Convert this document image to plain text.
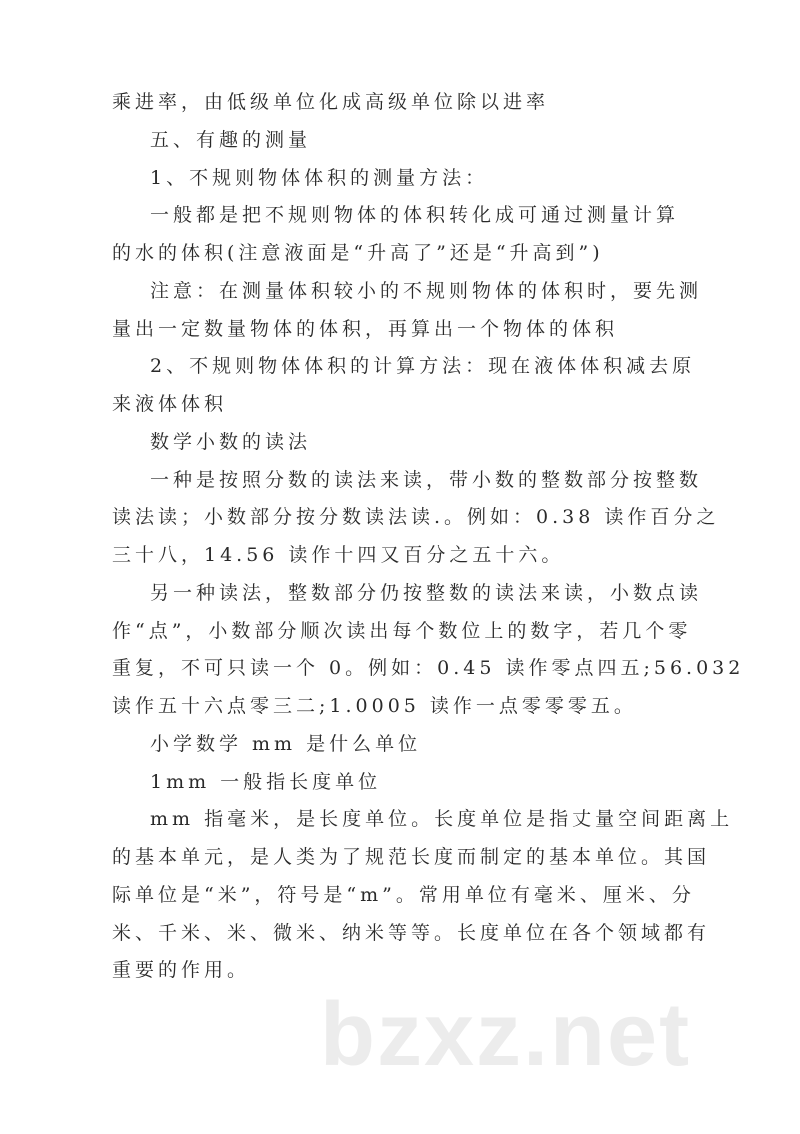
乘进率，由低级单位化成高级单位除以进率
五、有趣的测量
1、不规则物体体积的测量方法：
一般都是把不规则物体的体积转化成可通过测量计算
的水的体积(注意液面是“升高了”还是“升高到”)
注意：在测量体积较小的不规则物体的体积时，要先测
量出一定数量物体的体积，再算出一个物体的体积
2、不规则物体体积的计算方法：现在液体体积减去原
来液体体积
数学小数的读法
一种是按照分数的读法来读，带小数的整数部分按整数
读法读；小数部分按分数读法读.。例如：0.38 读作百分之
三十八，14.56 读作十四又百分之五十六。
另一种读法，整数部分仍按整数的读法来读，小数点读
作“点”，小数部分顺次读出每个数位上的数字，若几个零
重复，不可只读一个 0。例如：0.45 读作零点四五;56.032
读作五十六点零三二;1.0005 读作一点零零零五。
小学数学 mm 是什么单位
1mm 一般指长度单位
mm 指毫米，是长度单位。长度单位是指丈量空间距离上
的基本单元，是人类为了规范长度而制定的基本单位。其国
际单位是“米”，符号是“m”。常用单位有毫米、厘米、分
米、千米、米、微米、纳米等等。长度单位在各个领域都有
重要的作用。
bzxz.net
